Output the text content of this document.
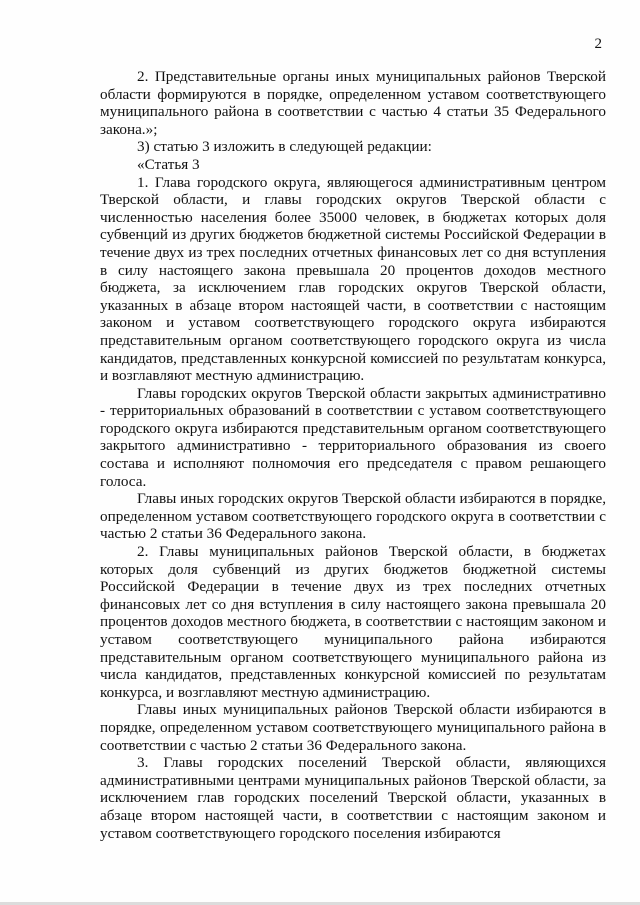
2

2. Представительные органы иных муниципальных районов Тверской области формируются в порядке, определенном уставом соответствующего муниципального района в соответствии с частью 4 статьи 35 Федерального закона.»;

3) статью 3 изложить в следующей редакции:

«Статья 3

1. Глава городского округа, являющегося административным центром Тверской области, и главы городских округов Тверской области с численностью населения более 35000 человек, в бюджетах которых доля субвенций из других бюджетов бюджетной системы Российской Федерации в течение двух из трех последних отчетных финансовых лет со дня вступления в силу настоящего закона превышала 20 процентов доходов местного бюджета, за исключением глав городских округов Тверской области, указанных в абзаце втором настоящей части, в соответствии с настоящим законом и уставом соответствующего городского округа избираются представительным органом соответствующего городского округа из числа кандидатов, представленных конкурсной комиссией по результатам конкурса, и возглавляют местную администрацию.

Главы городских округов Тверской области закрытых административно - территориальных образований в соответствии с уставом соответствующего городского округа избираются представительным органом соответствующего закрытого административно - территориального образования из своего состава и исполняют полномочия его председателя с правом решающего голоса.

Главы иных городских округов Тверской области избираются в порядке, определенном уставом соответствующего городского округа в соответствии с частью 2 статьи 36 Федерального закона.

2. Главы муниципальных районов Тверской области, в бюджетах которых доля субвенций из других бюджетов бюджетной системы Российской Федерации в течение двух из трех последних отчетных финансовых лет со дня вступления в силу настоящего закона превышала 20 процентов доходов местного бюджета, в соответствии с настоящим законом и уставом соответствующего муниципального района избираются представительным органом соответствующего муниципального района из числа кандидатов, представленных конкурсной комиссией по результатам конкурса, и возглавляют местную администрацию.

Главы иных муниципальных районов Тверской области избираются в порядке, определенном уставом соответствующего муниципального района в соответствии с частью 2 статьи 36 Федерального закона.

3. Главы городских поселений Тверской области, являющихся административными центрами муниципальных районов Тверской области, за исключением глав городских поселений Тверской области, указанных в абзаце втором настоящей части, в соответствии с настоящим законом и уставом соответствующего городского поселения избираются
